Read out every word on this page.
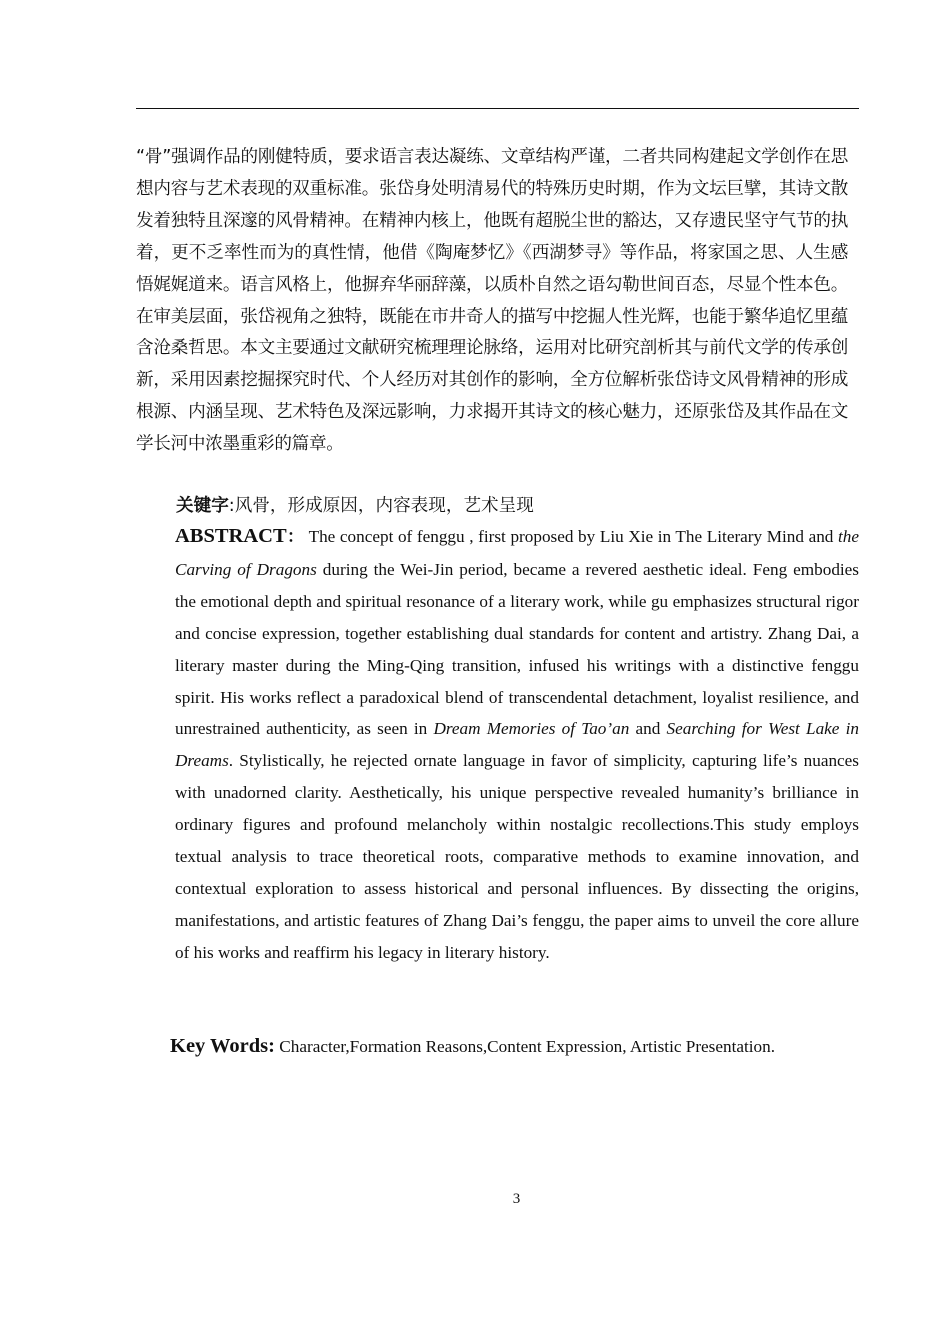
“骨”强调作品的刚健特质，要求语言表达凝练、文章结构严谨，二者共同构建起文学创作在思想内容与艺术表现的双重标准。张岱身处明清易代的特殊历史时期，作为文坛巨擘，其诗文散发着独特且深邃的风骨精神。在精神内核上，他既有超脱尘世的豁达，又存遗民坚守气节的执着，更不乏率性而为的真性情，他借《陶庵梦忆》《西湖梦寻》等作品，将家国之思、人生感悟娓娓道来。语言风格上，他摒弃华丽辞藻，以质朴自然之语勾勒世间百态，尽显个性本色。在审美层面，张岱视角之独特，既能在市井奇人的描写中挖掘人性光辉，也能于繁华追忆里蕴含沧桑哲思。本文主要通过文献研究梳理理论脉络，运用对比研究剖析其与前代文学的传承创新，采用因素挖掘探究时代、个人经历对其创作的影响，全方位解析张岱诗文风骨精神的形成根源、内涵呈现、艺术特色及深远影响，力求揭开其诗文的核心魅力，还原张岱及其作品在文学长河中浓墨重彩的篇章。

关键字:风骨，形成原因，内容表现，艺术呈现

ABSTRACT： The concept of fenggu , first proposed by Liu Xie in The Literary Mind and the Carving of Dragons during the Wei-Jin period, became a revered aesthetic ideal. Feng embodies the emotional depth and spiritual resonance of a literary work, while gu emphasizes structural rigor and concise expression, together establishing dual standards for content and artistry. Zhang Dai, a literary master during the Ming-Qing transition, infused his writings with a distinctive fenggu spirit. His works reflect a paradoxical blend of transcendental detachment, loyalist resilience, and unrestrained authenticity, as seen in Dream Memories of Tao’an and Searching for West Lake in Dreams. Stylistically, he rejected ornate language in favor of simplicity, capturing life’s nuances with unadorned clarity. Aesthetically, his unique perspective revealed humanity’s brilliance in ordinary figures and profound melancholy within nostalgic recollections.This study employs textual analysis to trace theoretical roots, comparative methods to examine innovation, and contextual exploration to assess historical and personal influences. By dissecting the origins, manifestations, and artistic features of Zhang Dai’s fenggu, the paper aims to unveil the core allure of his works and reaffirm his legacy in literary history.

Key Words: Character,Formation Reasons,Content Expression, Artistic Presentation.
3
